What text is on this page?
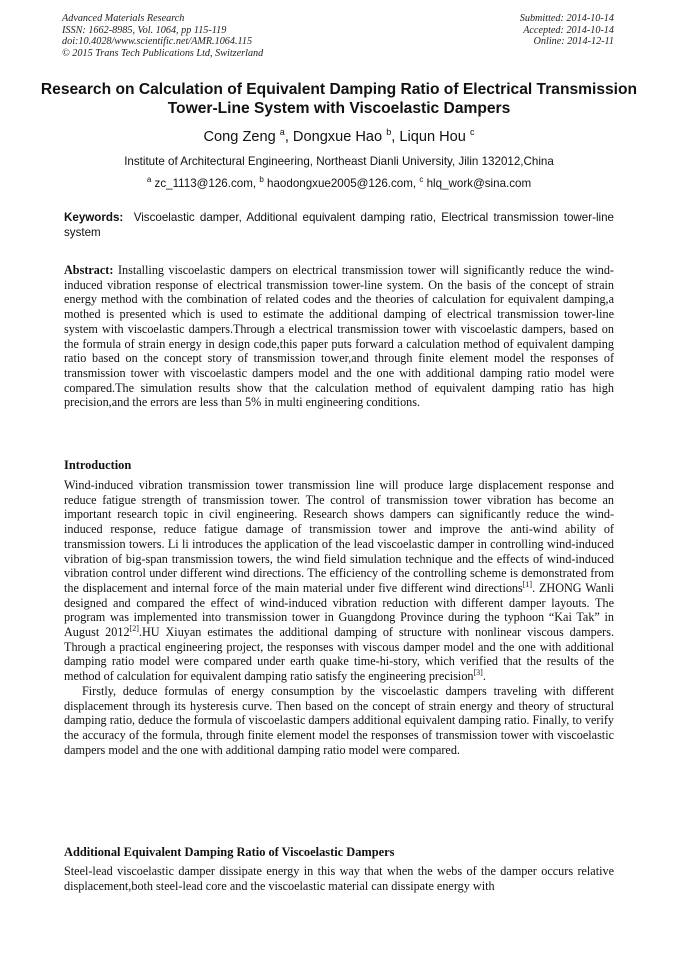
Advanced Materials Research
ISSN: 1662-8985, Vol. 1064, pp 115-119
doi:10.4028/www.scientific.net/AMR.1064.115
© 2015 Trans Tech Publications Ltd, Switzerland
Submitted: 2014-10-14
Accepted: 2014-10-14
Online: 2014-12-11
Research on Calculation of Equivalent Damping Ratio of Electrical Transmission Tower-Line System with Viscoelastic Dampers
Cong Zeng $^a$, Dongxue Hao $^b$, Liqun Hou $^c$
Institute of Architectural Engineering, Northeast Dianli University, Jilin 132012,China
$^a$ zc_1113@126.com, $^b$ haodongxue2005@126.com, $^c$ hlq_work@sina.com
Keywords: Viscoelastic damper, Additional equivalent damping ratio, Electrical transmission tower-line system
Abstract: Installing viscoelastic dampers on electrical transmission tower will significantly reduce the wind-induced vibration response of electrical transmission tower-line system. On the basis of the concept of strain energy method with the combination of related codes and the theories of calculation for equivalent damping,a mothed is presented which is used to estimate the additional damping of electrical transmission tower-line system with viscoelastic dampers.Through a electrical transmission tower with viscoelastic dampers, based on the formula of strain energy in design code,this paper puts forward a calculation method of equivalent damping ratio based on the concept story of transmission tower,and through finite element model the responses of transmission tower with viscoelastic dampers model and the one with additional damping ratio model were compared.The simulation results show that the calculation method of equivalent damping ratio has high precision,and the errors are less than 5% in multi engineering conditions.
Introduction

Wind-induced vibration transmission tower transmission line will produce large displacement response and reduce fatigue strength of transmission tower. The control of transmission tower vibration has become an important research topic in civil engineering. Research shows dampers can significantly reduce the wind-induced response, reduce fatigue damage of transmission tower and improve the anti-wind ability of transmission towers. Li li introduces the application of the lead viscoelastic damper in controlling wind-induced vibration of big-span transmission towers, the wind field simulation technique and the effects of wind-induced vibration control under different wind directions. The efficiency of the controlling scheme is demonstrated from the displacement and internal force of the main material under five different wind directions[1]. ZHONG Wanli designed and compared the effect of wind-induced vibration reduction with different damper layouts. The program was implemented into transmission tower in Guangdong Province during the typhoon “Kai Tak” in August 2012[2].HU Xiuyan estimates the additional damping of structure with nonlinear viscous dampers. Through a practical engineering project, the responses with viscous damper model and the one with additional damping ratio model were compared under earth quake time-hi-story, which verified that the results of the method of calculation for equivalent damping ratio satisfy the engineering precision[3].

Firstly, deduce formulas of energy consumption by the viscoelastic dampers traveling with different displacement through its hysteresis curve. Then based on the concept of strain energy and theory of structural damping ratio, deduce the formula of viscoelastic dampers additional equivalent damping ratio. Finally, to verify the accuracy of the formula, through finite element model the responses of transmission tower with viscoelastic dampers model and the one with additional damping ratio model were compared.

Additional Equivalent Damping Ratio of Viscoelastic Dampers
Steel-lead viscoelastic damper dissipate energy in this way that when the webs of the damper occurs relative displacement,both steel-lead core and the viscoelastic material can dissipate energy with
